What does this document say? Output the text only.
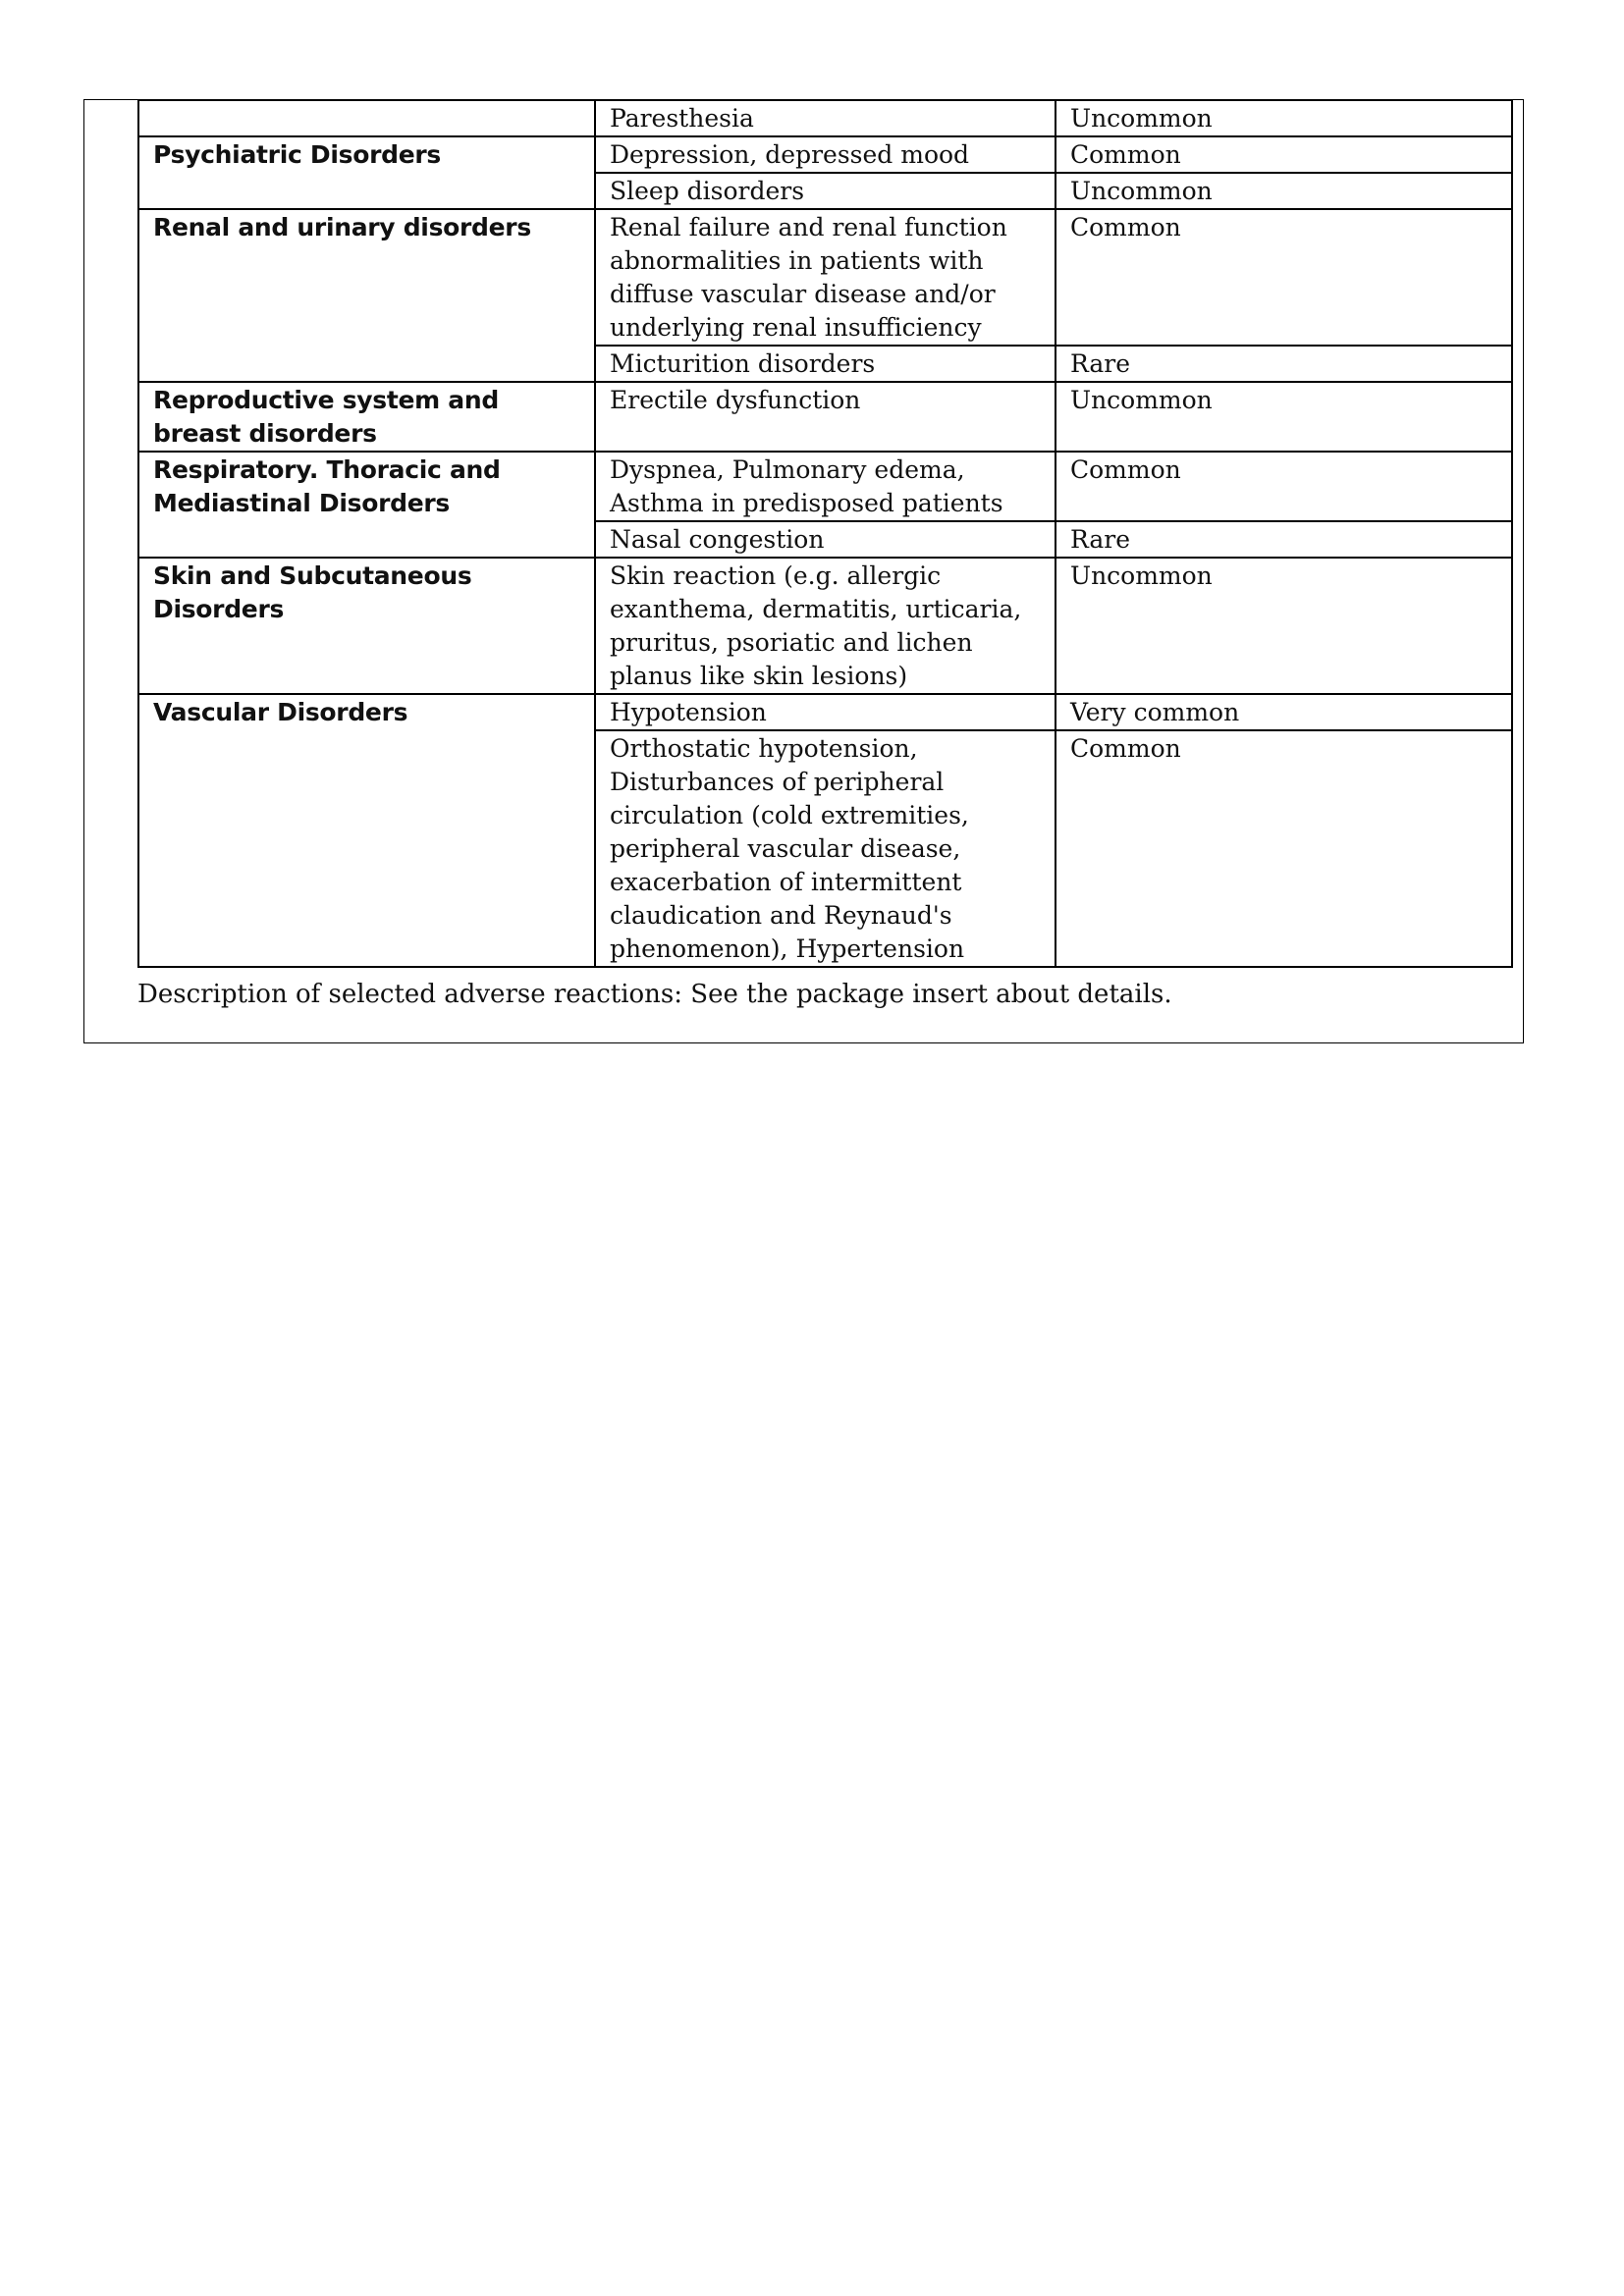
	Paresthesia	Uncommon
Psychiatric Disorders	Depression, depressed mood	Common
	Sleep disorders	Uncommon
Renal and urinary disorders	Renal failure and renal function abnormalities in patients with diffuse vascular disease and/or underlying renal insufficiency	Common
	Micturition disorders	Rare
Reproductive system and breast disorders	Erectile dysfunction	Uncommon
Respiratory. Thoracic and Mediastinal Disorders	Dyspnea, Pulmonary edema, Asthma in predisposed patients	Common
	Nasal congestion	Rare
Skin and Subcutaneous Disorders	Skin reaction (e.g. allergic exanthema, dermatitis, urticaria, pruritus, psoriatic and lichen planus like skin lesions)	Uncommon
Vascular Disorders	Hypotension	Very common
	Orthostatic hypotension, Disturbances of peripheral circulation (cold extremities, peripheral vascular disease, exacerbation of intermittent claudication and Reynaud's phenomenon), Hypertension	Common
Description of selected adverse reactions: See the package insert about details.
